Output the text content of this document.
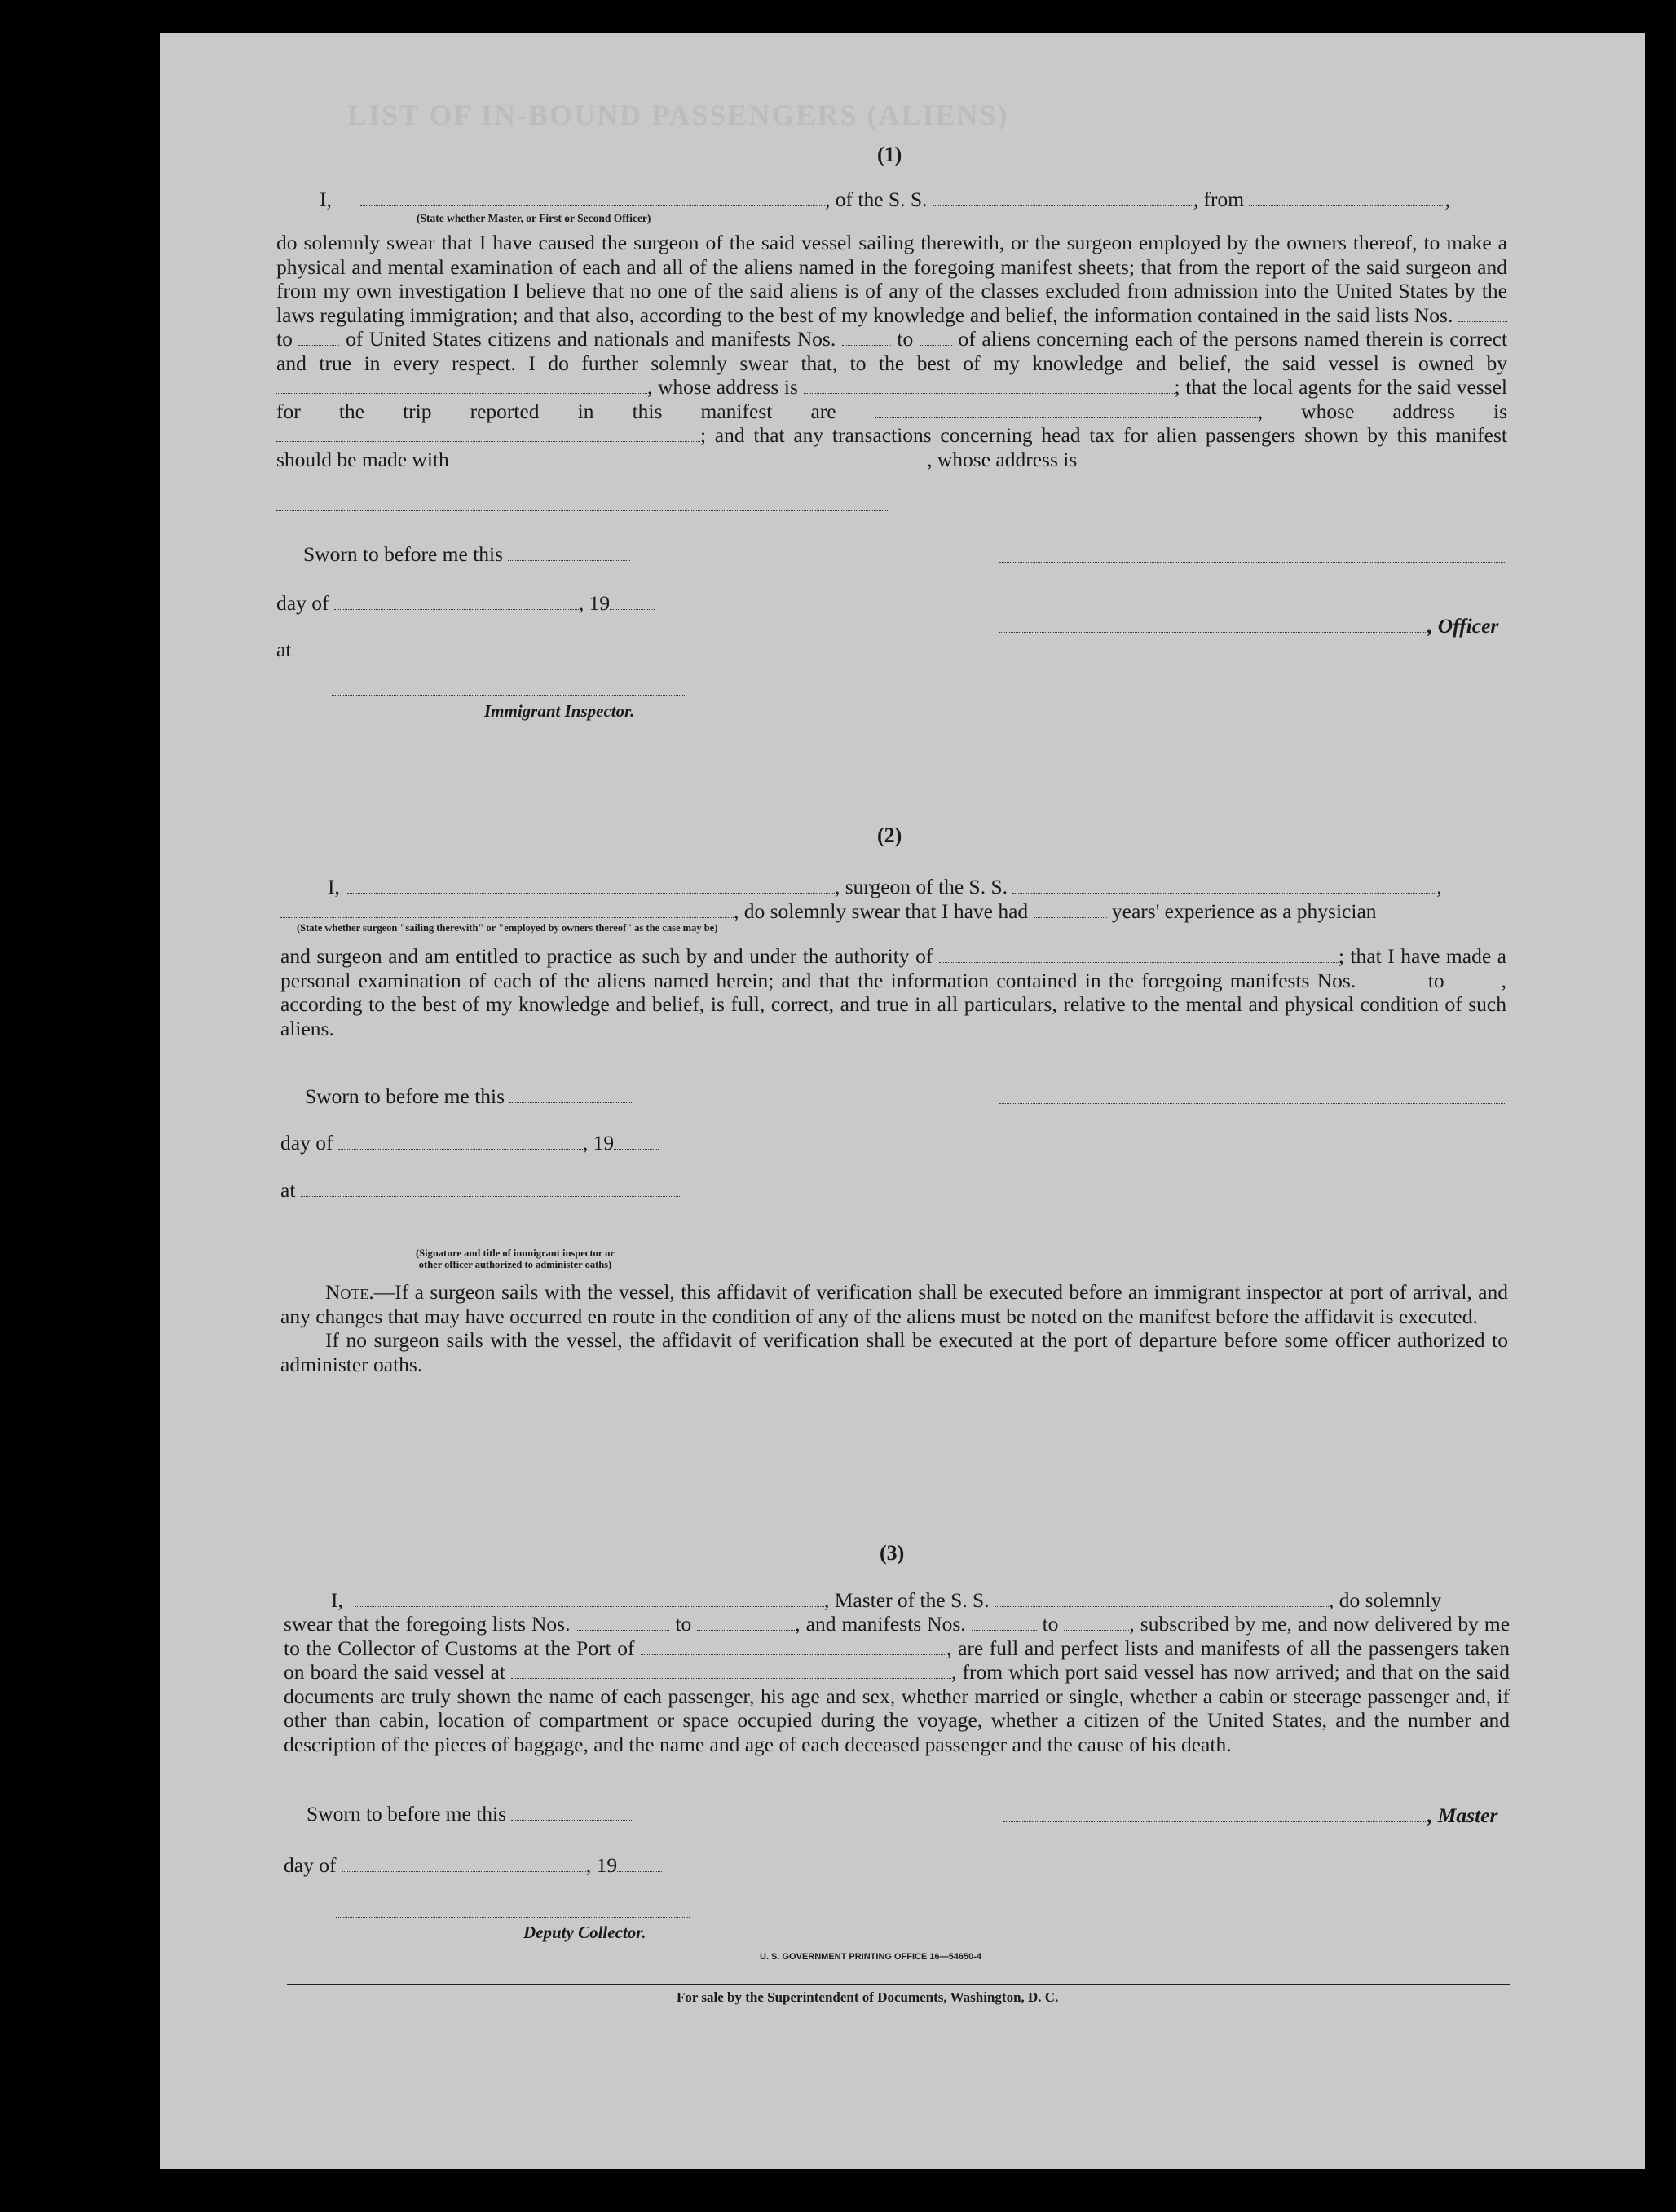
LIST OF IN-BOUND PASSENGERS (ALIENS)
(1)
I,	, of the S. S.	, from	,
(State whether Master, or First or Second Officer)

do solemnly swear that I have caused the surgeon of the said vessel sailing therewith, or the surgeon employed by the owners thereof, to make a physical and mental examination of each and all of the aliens named in the foregoing manifest sheets; that from the report of the said surgeon and from my own investigation I believe that no one of the said aliens is of any of the classes excluded from admission into the United States by the laws regulating immigration; and that also, according to the best of my knowledge and belief, the information contained in the said lists Nos.  to	of United States citizens and nationals and manifests Nos.	to of aliens concerning each of the persons named therein is correct and true in every respect. I do further solemnly swear that, to the best of my knowledge and belief, the said vessel is owned by , whose address is	; that the local agents for the said vessel for the trip reported in this manifest are	, whose address is ; and that any transactions concerning head tax for alien passengers shown by this manifest should be made with	, whose address is

Sworn to before me this
day of	, 19
, Officer
at
Immigrant Inspector.
(2)
I,	, surgeon of the S. S.	,
, do solemnly swear that I have had	years' experience as a physician
(State whether surgeon "sailing therewith" or "employed by owners thereof" as the case may be)

and surgeon and am entitled to practice as such by and under the authority of	; that I have made a personal examination of each of the aliens named herein; and that the information contained in the foregoing manifests Nos.	to	, according to the best of my knowledge and belief, is full, correct, and true in all particulars, relative to the mental and physical condition of such aliens.

Sworn to before me this
day of	, 19
at
(Signature and title of immigrant inspector or
other officer authorized to administer oaths)

Note.—If a surgeon sails with the vessel, this affidavit of verification shall be executed before an immigrant inspector at port of arrival, and any changes that may have occurred en route in the condition of any of the aliens must be noted on the manifest before the affidavit is executed.

If no surgeon sails with the vessel, the affidavit of verification shall be executed at the port of departure before some officer authorized to administer oaths.

(3)
I,	, Master of the S. S.	, do solemnly

swear that the foregoing lists Nos.	to	, and manifests Nos.	to	, subscribed by me, and now delivered by me to the Collector of Customs at the Port of	, are full and perfect lists and manifests of all the passengers taken on board the said vessel at	, from which port said vessel has now arrived; and that on the said documents are truly shown the name of each passenger, his age and sex, whether married or single, whether a cabin or steerage passenger and, if other than cabin, location of compartment or space occupied during the voyage, whether a citizen of the United States, and the number and description of the pieces of baggage, and the name and age of each deceased passenger and the cause of his death.

Sworn to before me this	, Master
day of	, 19
Deputy Collector.
U. S. GOVERNMENT PRINTING OFFICE 16—54650-4
For sale by the Superintendent of Documents, Washington, D. C.
